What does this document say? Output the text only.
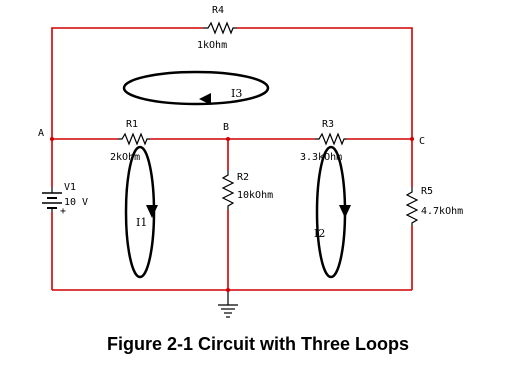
+
R4
1kOhm
R1
2kOhm
R3
3.3kOhm
R2
10kOhm	R5
4.7kOhm
V1
10 V
A
B
C
I1
I2
I3
Figure 2-1 Circuit with Three Loops
